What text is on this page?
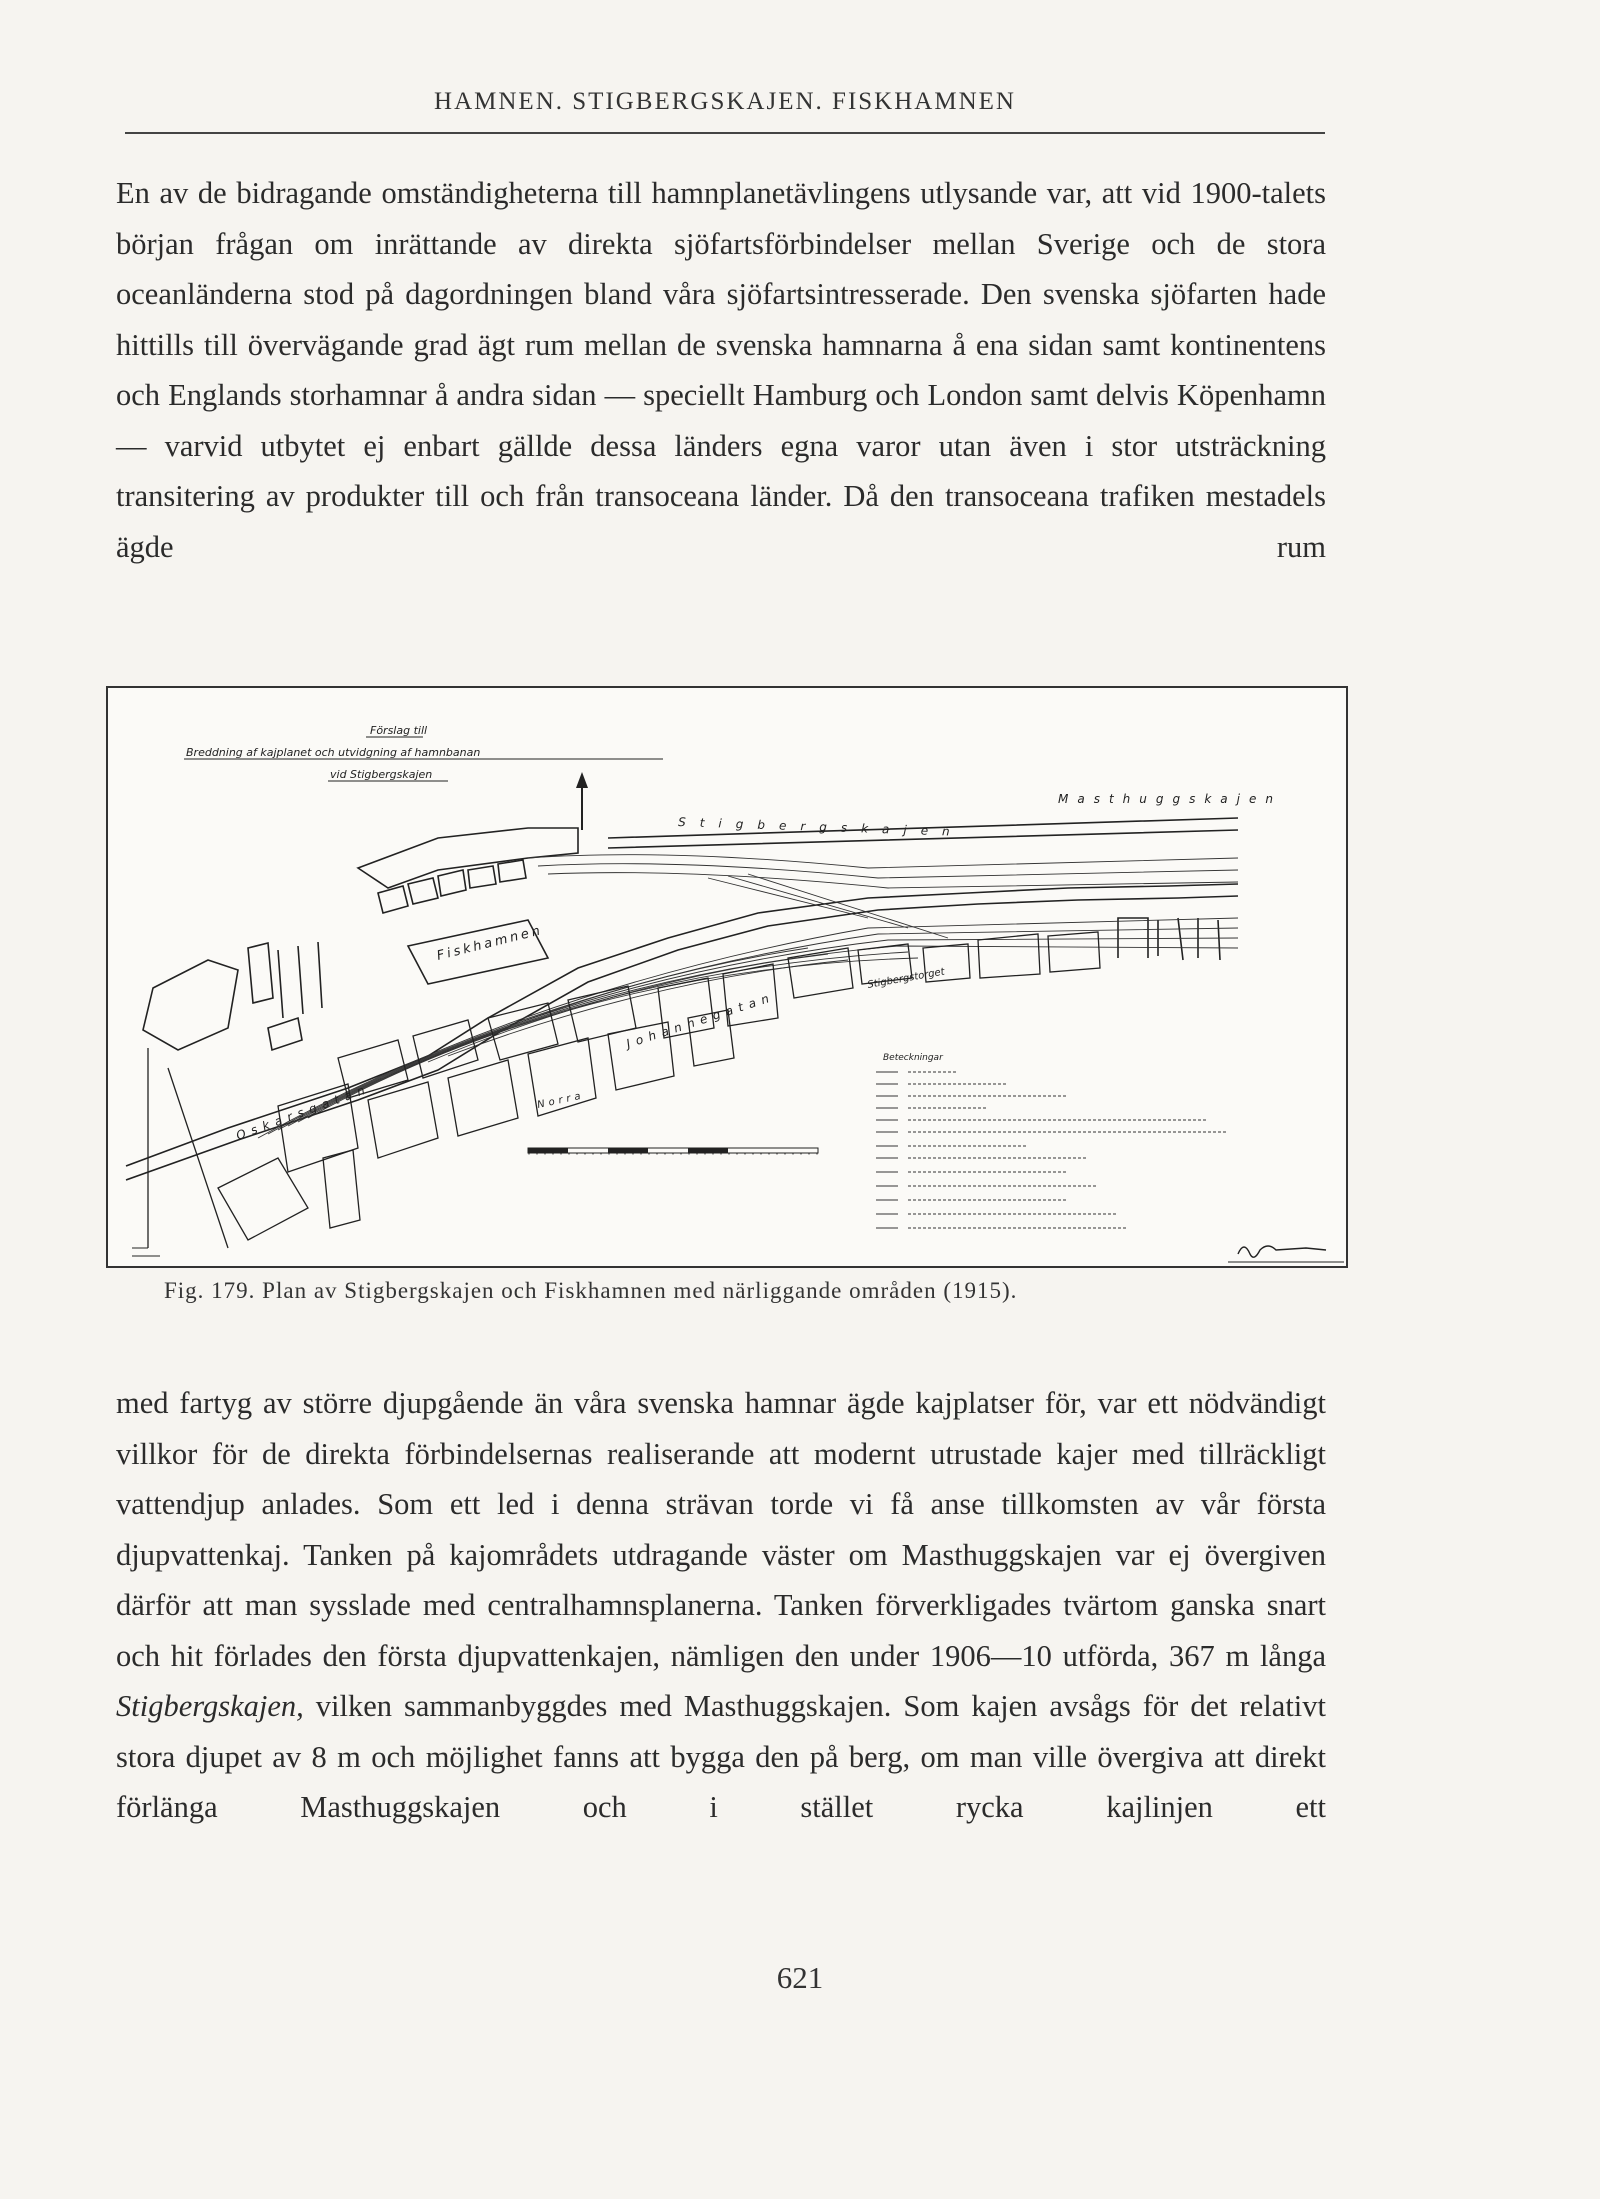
HAMNEN. STIGBERGSKAJEN. FISKHAMNEN

En av de bidragande omständigheterna till hamnplanetävlingens utlysande var, att vid 1900-talets början frågan om inrättande av direkta sjöfartsförbindelser mellan Sverige och de stora oceanländerna stod på dagordningen bland våra sjöfartsintresserade. Den svenska sjöfarten hade hittills till övervägande grad ägt rum mellan de svenska hamnarna å ena sidan samt kontinentens och Englands storhamnar å andra sidan — speciellt Hamburg och London samt delvis Köpenhamn — varvid utbytet ej enbart gällde dessa länders egna varor utan även i stor utsträckning transitering av produkter till och från transoceana länder. Då den transoceana trafiken mestadels ägde rum

Förslag till
Breddning af kajplanet och utvidgning af hamnbanan
vid Stigbergskajen
Fiskhamnen
Stigbergskajen
Masthuggskajen
Johannegatan
Oskarsgatan
Stigbergstorget
Norra
Beteckningar
Fig. 179. Plan av Stigbergskajen och Fiskhamnen med närliggande områden (1915).

med fartyg av större djupgående än våra svenska hamnar ägde kajplatser för, var ett nödvändigt villkor för de direkta förbindelsernas realiserande att modernt utrustade kajer med tillräckligt vattendjup anlades. Som ett led i denna strävan torde vi få anse tillkomsten av vår första djupvattenkaj. Tanken på kajområdets utdragande väster om Masthuggskajen var ej övergiven därför att man sysslade med centralhamnsplanerna. Tanken förverkligades tvärtom ganska snart och hit förlades den första djupvattenkajen, nämligen den under 1906—10 utförda, 367 m långa Stigbergskajen, vilken sammanbyggdes med Masthuggskajen. Som kajen avsågs för det relativt stora djupet av 8 m och möjlighet fanns att bygga den på berg, om man ville övergiva att direkt förlänga Masthuggskajen och i stället rycka kajlinjen ett

621
